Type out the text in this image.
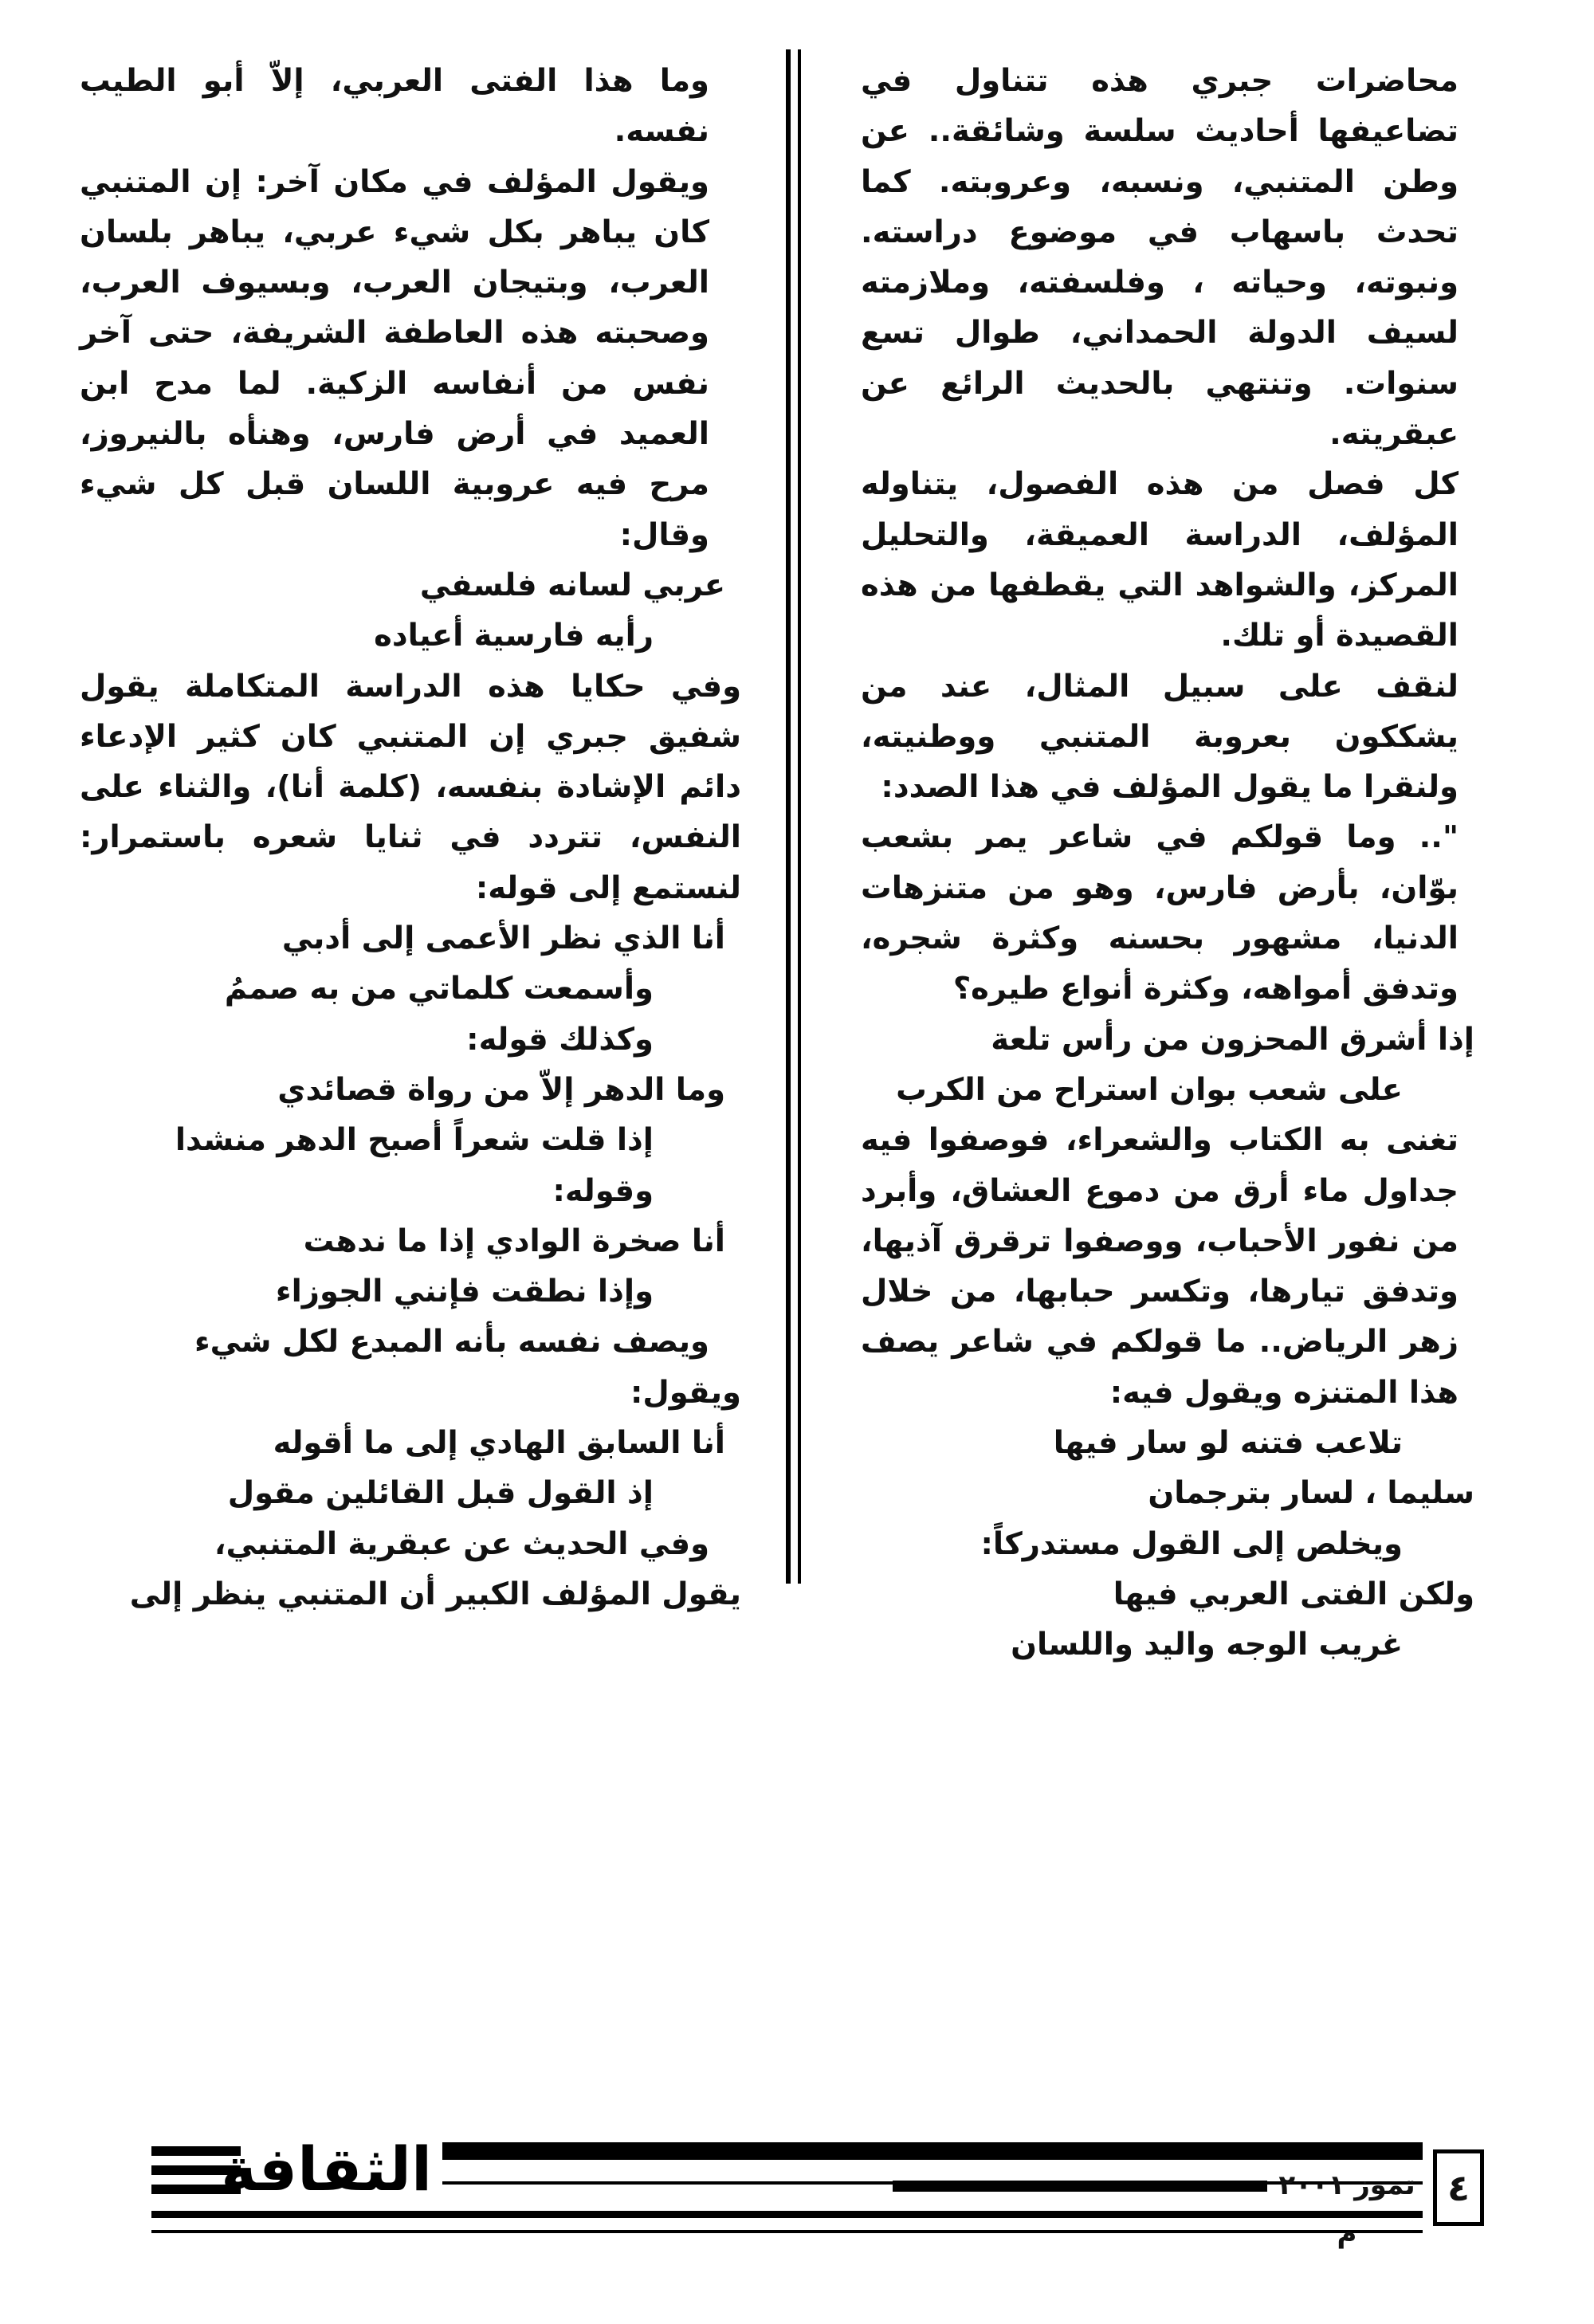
محاضرات جبري هذه تتناول في تضاعيفها أحاديث سلسة وشائقة.. عن وطن المتنبي، ونسبه، وعروبته. كما تحدث باسهاب في موضوع دراسته. ونبوته، وحياته ، وفلسفته، وملازمته لسيف الدولة الحمداني، طوال تسع سنوات. وتنتهي بالحديث الرائع عن عبقريته.

كل فصل من هذه الفصول، يتناوله المؤلف، الدراسة العميقة، والتحليل المركز، والشواهد التي يقطفها من هذه القصيدة أو تلك.

لنقف على سبيل المثال، عند من يشككون بعروبة المتنبي ووطنيته، ولنقرا ما يقول المؤلف في هذا الصدد:

".. وما قولكم في شاعر يمر بشعب بوّان، بأرض فارس، وهو من متنزهات الدنيا، مشهور بحسنه وكثرة شجره، وتدفق أمواهه، وكثرة أنواع طيره؟

إذا أشرق المحزون من رأس تلعة

على شعب بوان استراح من الكرب

تغنى به الكتاب والشعراء، فوصفوا فيه جداول ماء أرق من دموع العشاق، وأبرد من نفور الأحباب، ووصفوا ترقرق آذيها، وتدفق تيارها، وتكسر حبابها، من خلال زهر الرياض.. ما قولكم في شاعر يصف هذا المتنزه ويقول فيه:

تلاعب فتنه لو سار فيها

سليما ، لسار بترجمان

ويخلص إلى القول مستدركاً:

ولكن الفتى العربي فيها

غريب الوجه واليد واللسان

وما هذا الفتى العربي، إلاّ أبو الطيب نفسه.

ويقول المؤلف في مكان آخر: إن المتنبي كان يباهر بكل شيء عربي، يباهر بلسان العرب، وبتيجان العرب، وبسيوف العرب، وصحبته هذه العاطفة الشريفة، حتى آخر نفس من أنفاسه الزكية. لما مدح ابن العميد في أرض فارس، وهنأه بالنيروز، مرح فيه عروبية اللسان قبل كل شيء وقال:

عربي لسانه فلسفي

رأيه فارسية أعياده

وفي حكايا هذه الدراسة المتكاملة يقول شفيق جبري إن المتنبي كان كثير الإدعاء دائم الإشادة بنفسه، (كلمة أنا)، والثناء على النفس، تتردد في ثنايا شعره باستمرار: لنستمع إلى قوله:

أنا الذي نظر الأعمى إلى أدبي

وأسمعت كلماتي من به صممُ

وكذلك قوله:

وما الدهر إلاّ من رواة قصائدي

إذا قلت شعراً أصبح الدهر منشدا

وقوله:

أنا صخرة الوادي إذا ما ندهت

وإذا نطقت فإنني الجوزاء

ويصف نفسه بأنه المبدع لكل شيء

ويقول:

أنا السابق الهادي إلى ما أقوله

إذ القول قبل القائلين مقول

وفي الحديث عن عبقرية المتنبي،

يقول المؤلف الكبير أن المتنبي ينظر إلى

الثقافة	تموز ٢٠٠١ م
٤
